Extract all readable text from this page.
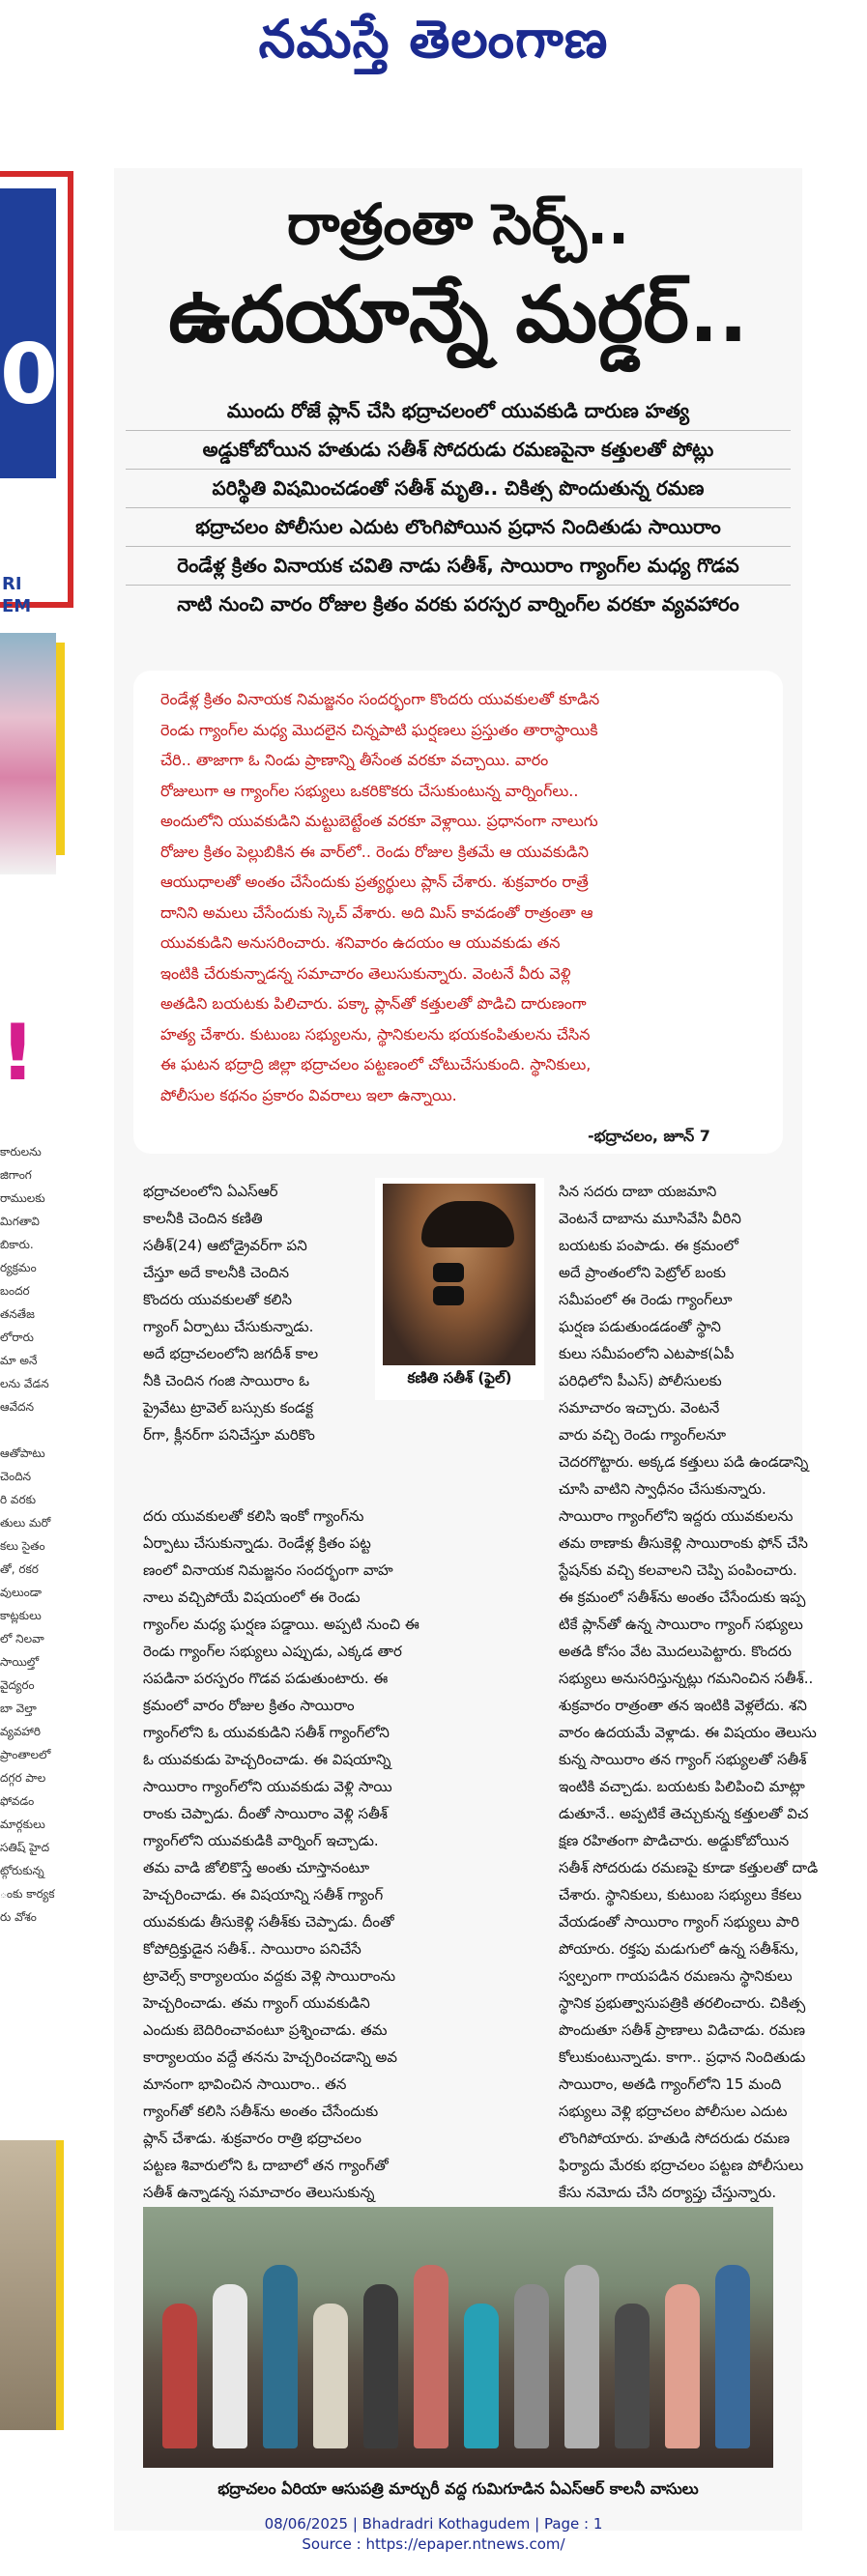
నమస్తే తెలంగాణ
0
RI
EM
!
కారులను
జిగాంగ
రాములకు
మిగతావి
బికారు.
ర్యక్రమం
బందర
తనతేజ
లోరారు
మా అనే
లను వేడన
ఆవేదన
ఆతోపాటు
చెందిన
రి వరకు
తులు మరో
కలు సైతం
తో, రకర
వులుండా
కాట్లకులు
లో నిలవా
సాయిల్తో
వైద్యరం
బా వెల్తా
వ్యవహారి
ప్రాంతాలలో
దగ్గర పాల
ఫోవడం
మార్గకులు
సతిష్ హైద
ట్గోరుకున్న
ంకు కార్యక
రు వోశం
రాత్రంతా సెర్చ్‌..
ఉదయాన్నే మర్డర్‌..
ముందు రోజే ప్లాన్‌ చేసి భద్రాచలంలో యువకుడి దారుణ హత్య
అడ్డుకోబోయిన హతుడు సతీశ్‌ సోదరుడు రమణపైనా కత్తులతో పోట్లు
పరిస్థితి విషమించడంతో సతీశ్‌ మృతి.. చికిత్స పొందుతున్న రమణ
భద్రాచలం పోలీసుల ఎదుట లొంగిపోయిన ప్రధాన నిందితుడు సాయిరాం
రెండేళ్ల క్రితం వినాయక చవితి నాడు సతీశ్‌, సాయిరాం గ్యాంగ్‌ల మధ్య గొడవ
నాటి నుంచి వారం రోజుల క్రితం వరకు పరస్పర వార్నింగ్‌ల వరకూ వ్యవహారం
రెండేళ్ల క్రితం వినాయక నిమజ్జనం సందర్భంగా కొందరు యువకులతో కూడిన
రెండు గ్యాంగ్‌ల మధ్య మొదలైన చిన్నపాటి ఘర్షణలు ప్రస్తుతం తారాస్థాయికి
చేరి.. తాజాగా ఓ నిండు ప్రాణాన్ని తీసేంత వరకూ వచ్చాయి. వారం
రోజులుగా ఆ గ్యాంగ్‌ల సభ్యులు ఒకరికొకరు చేసుకుంటున్న వార్నింగ్‌లు..
అందులోని యువకుడిని మట్టుబెట్టేంత వరకూ వెళ్లాయి. ప్రధానంగా నాలుగు
రోజుల క్రితం పెల్లుబికిన ఈ వార్‌లో.. రెండు రోజుల క్రితమే ఆ యువకుడిని
ఆయుధాలతో అంతం చేసేందుకు ప్రత్యర్థులు ప్లాన్‌ చేశారు. శుక్రవారం రాత్రే
దానిని అమలు చేసేందుకు స్కెచ్‌ వేశారు. అది మిస్‌ కావడంతో రాత్రంతా ఆ
యువకుడిని అనుసరించారు. శనివారం ఉదయం ఆ యువకుడు తన
ఇంటికి చేరుకున్నాడన్న సమాచారం తెలుసుకున్నారు. వెంటనే వీరు వెళ్లి
అతడిని బయటకు పిలిచారు. పక్కా ప్లాన్‌తో కత్తులతో పొడిచి దారుణంగా
హత్య చేశారు. కుటుంబ సభ్యులను, స్థానికులను భయకంపితులను చేసిన
ఈ ఘటన భద్రాద్రి జిల్లా భద్రాచలం పట్టణంలో చోటుచేసుకుంది. స్థానికులు,
పోలీసుల కథనం ప్రకారం వివరాలు ఇలా ఉన్నాయి.
-భద్రాచలం, జూన్‌ 7
భద్రాచలంలోని ఏఎస్‌ఆర్‌
కాలనీకి చెందిన కణితి
సతీశ్‌(24) ఆటోడ్రైవర్‌గా పని
చేస్తూ అదే కాలనీకి చెందిన
కొందరు యువకులతో కలిసి
గ్యాంగ్‌ ఏర్పాటు చేసుకున్నాడు.
అదే భద్రాచలంలోని జగదీశ్‌ కాల
నీకి చెందిన గంజి సాయిరాం ఓ
ప్రైవేటు ట్రావెల్‌ బస్సుకు కండక్ట
ర్‌గా, క్లీనర్‌గా పనిచేస్తూ మరికొం
కణితి సతీశ్‌ (ఫైల్‌)
దరు యువకులతో కలిసి ఇంకో గ్యాంగ్‌ను
ఏర్పాటు చేసుకున్నాడు. రెండేళ్ల క్రితం పట్ట
ణంలో వినాయక నిమజ్జనం సందర్భంగా వాహ
నాలు వచ్చిపోయే విషయంలో ఈ రెండు
గ్యాంగ్‌ల మధ్య ఘర్షణ పడ్డాయి. అప్పటి నుంచి ఈ
రెండు గ్యాంగ్‌ల సభ్యులు ఎప్పుడు, ఎక్కడ తార
సపడినా పరస్పరం గొడవ పడుతుంటారు. ఈ
క్రమంలో వారం రోజుల క్రితం సాయిరాం
గ్యాంగ్‌లోని ఓ యువకుడిని సతీశ్‌ గ్యాంగ్‌లోని
ఓ యువకుడు హెచ్చరించాడు. ఈ విషయాన్ని
సాయిరాం గ్యాంగ్‌లోని యువకుడు వెళ్లి సాయి
రాంకు చెప్పాడు. దీంతో సాయిరాం వెళ్లి సతీశ్‌
గ్యాంగ్‌లోని యువకుడికి వార్నింగ్‌ ఇచ్చాడు.
తమ వాడి జోలికొస్తే అంతు చూస్తానంటూ
హెచ్చరించాడు. ఈ విషయాన్ని సతీశ్‌ గ్యాంగ్‌
యువకుడు తీసుకెళ్లి సతీశ్‌కు చెప్పాడు. దీంతో
కోపోద్రిక్తుడైన సతీశ్‌.. సాయిరాం పనిచేసే
ట్రావెల్స్‌ కార్యాలయం వద్దకు వెళ్లి సాయిరాంను
హెచ్చరించాడు. తమ గ్యాంగ్‌ యువకుడిని
ఎందుకు బెదిరించావంటూ ప్రశ్నించాడు. తమ
కార్యాలయం వద్దే తనను హెచ్చరించడాన్ని అవ
మానంగా భావించిన సాయిరాం.. తన
గ్యాంగ్‌తో కలిసి సతీశ్‌ను అంతం చేసేందుకు
ప్లాన్‌ చేశాడు. శుక్రవారం రాత్రి భద్రాచలం
పట్టణ శివారులోని ఓ దాబాలో తన గ్యాంగ్‌తో
సతీశ్‌ ఉన్నాడన్న సమాచారం తెలుసుకున్న
సిన సదరు దాబా యజమాని
వెంటనే దాబాను మూసివేసి వీరిని
బయటకు పంపాడు. ఈ క్రమంలో
అదే ప్రాంతంలోని పెట్రోల్‌ బంకు
సమీపంలో ఈ రెండు గ్యాంగ్‌లూ
ఘర్షణ పడుతుండడంతో స్థాని
కులు సమీపంలోని ఎటపాక(ఏపీ
పరిధిలోని పీఎస్‌) పోలీసులకు
సమాచారం ఇచ్చారు. వెంటనే
వారు వచ్చి రెండు గ్యాంగ్‌లనూ
చెదరగొట్టారు. అక్కడ కత్తులు పడి ఉండడాన్ని
చూసి వాటిని స్వాధీనం చేసుకున్నారు.
సాయిరాం గ్యాంగ్‌లోని ఇద్దరు యువకులను
తమ ఠాణాకు తీసుకెళ్లి సాయిరాంకు ఫోన్‌ చేసి
స్టేషన్‌కు వచ్చి కలవాలని చెప్పి పంపించారు.
ఈ క్రమంలో సతీశ్‌ను అంతం చేసేందుకు ఇప్ప
టికే ప్లాన్‌తో ఉన్న సాయిరాం గ్యాంగ్‌ సభ్యులు
అతడి కోసం వేట మొదలుపెట్టారు. కొందరు
సభ్యులు అనుసరిస్తున్నట్లు గమనించిన సతీశ్‌..
శుక్రవారం రాత్రంతా తన ఇంటికి వెళ్లలేదు. శని
వారం ఉదయమే వెళ్లాడు. ఈ విషయం తెలుసు
కున్న సాయిరాం తన గ్యాంగ్‌ సభ్యులతో సతీశ్‌
ఇంటికి వచ్చాడు. బయటకు పిలిపించి మాట్లా
డుతూనే.. అప్పటికే తెచ్చుకున్న కత్తులతో విచ
క్షణ రహితంగా పొడిచారు. అడ్డుకోబోయిన
సతీశ్‌ సోదరుడు రమణపై కూడా కత్తులతో దాడి
చేశారు. స్థానికులు, కుటుంబ సభ్యులు కేకలు
వేయడంతో సాయిరాం గ్యాంగ్‌ సభ్యులు పారి
పోయారు. రక్తపు మడుగులో ఉన్న సతీశ్‌ను,
స్వల్పంగా గాయపడిన రమణను స్థానికులు
స్థానిక ప్రభుత్వాసుపత్రికి తరలించారు. చికిత్స
పొందుతూ సతీశ్‌ ప్రాణాలు విడిచాడు. రమణ
కోలుకుంటున్నాడు. కాగా.. ప్రధాన నిందితుడు
సాయిరాం, అతడి గ్యాంగ్‌లోని 15 మంది
సభ్యులు వెళ్లి భద్రాచలం పోలీసుల ఎదుట
లొంగిపోయారు. హతుడి సోదరుడు రమణ
ఫిర్యాదు మేరకు భద్రాచలం పట్టణ పోలీసులు
కేసు నమోదు చేసి దర్యాప్తు చేస్తున్నారు.
భద్రాచలం ఏరియా ఆసుపత్రి మార్చురీ వద్ద గుమిగూడిన ఏఎస్‌ఆర్‌ కాలనీ వాసులు
08/06/2025 | Bhadradri Kothagudem | Page : 1
Source : https://epaper.ntnews.com/
